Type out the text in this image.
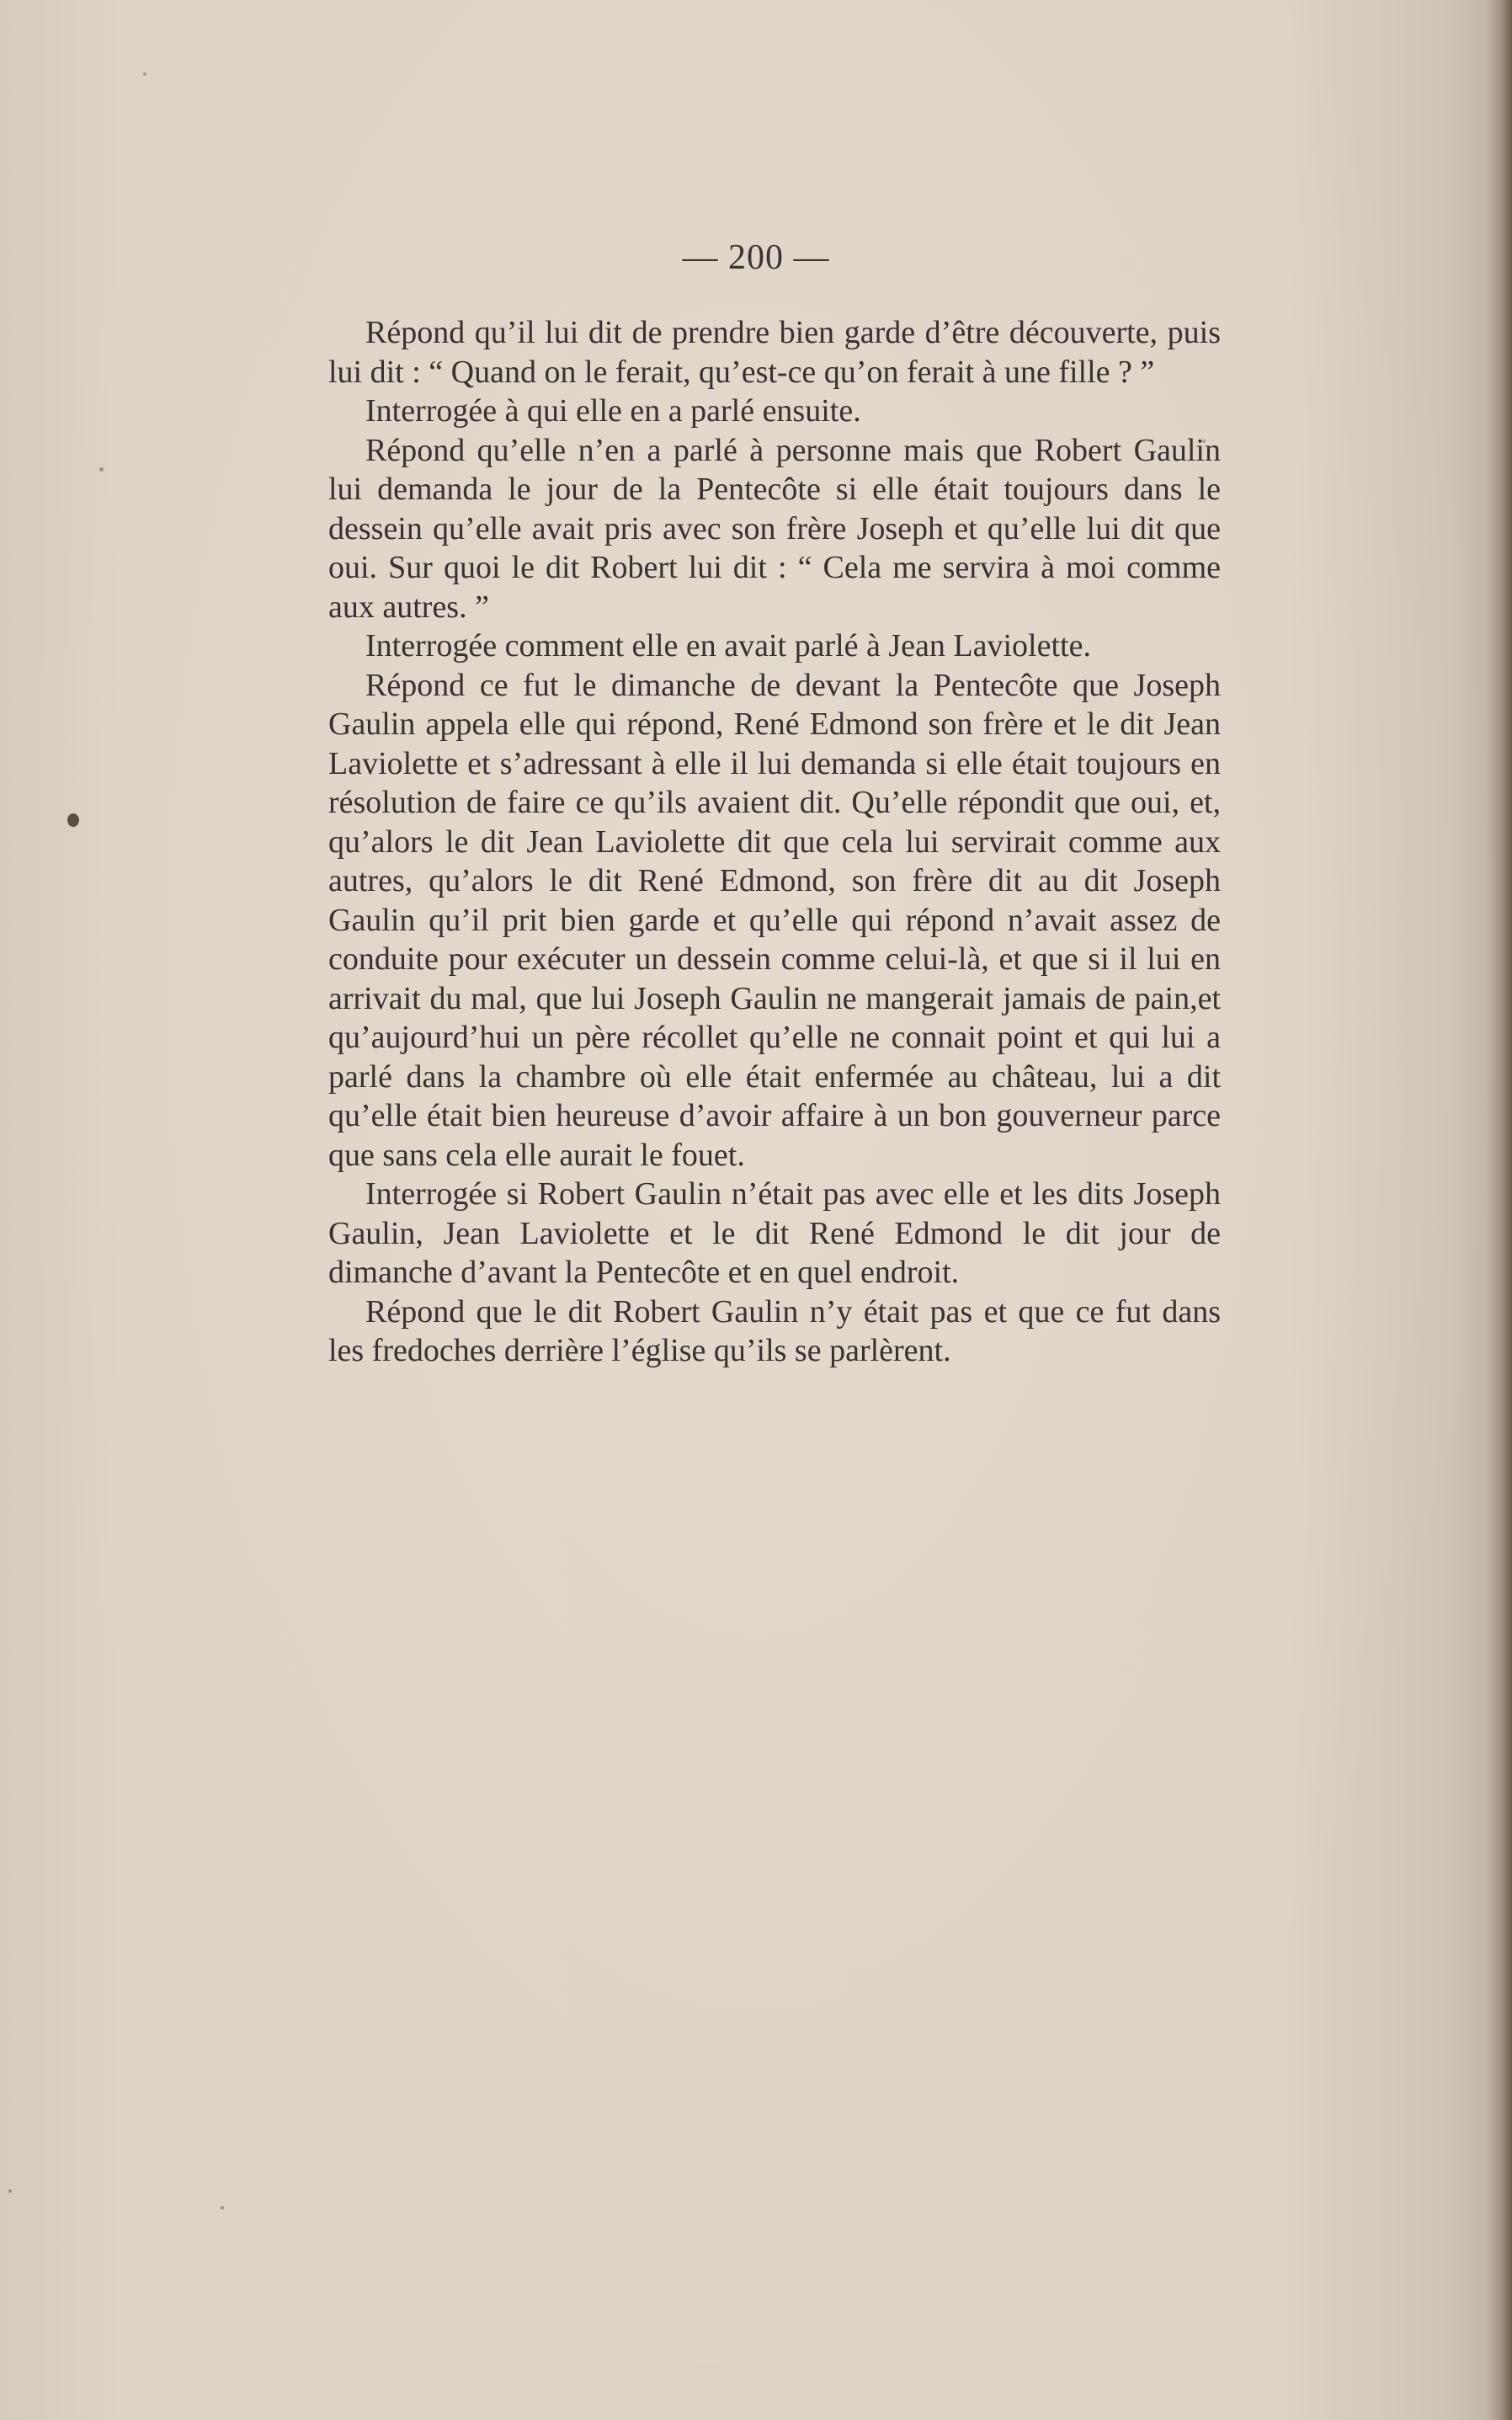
— 200 —

Répond qu’il lui dit de prendre bien garde d’être découverte, puis lui dit : “ Quand on le ferait, qu’est-ce qu’on ferait à une fille ? ”

Interrogée à qui elle en a parlé ensuite.

Répond qu’elle n’en a parlé à personne mais que Robert Gaulin lui demanda le jour de la Pentecôte si elle était toujours dans le dessein qu’elle avait pris avec son frère Joseph et qu’elle lui dit que oui. Sur quoi le dit Robert lui dit : “ Cela me servira à moi comme aux autres. ”

Interrogée comment elle en avait parlé à Jean Laviolette.

Répond ce fut le dimanche de devant la Pentecôte que Joseph Gaulin appela elle qui répond, René Edmond son frère et le dit Jean Laviolette et s’adressant à elle il lui demanda si elle était toujours en résolution de faire ce qu’ils avaient dit. Qu’elle répondit que oui, et, qu’alors le dit Jean Laviolette dit que cela lui servirait comme aux autres, qu’alors le dit René Edmond, son frère dit au dit Joseph Gaulin qu’il prit bien garde et qu’elle qui répond n’avait assez de conduite pour exécuter un dessein comme celui-là, et que si il lui en arrivait du mal, que lui Joseph Gaulin ne mangerait jamais de pain,et qu’aujourd’hui un père récollet qu’elle ne connait point et qui lui a parlé dans la chambre où elle était enfermée au château, lui a dit qu’elle était bien heureuse d’avoir affaire à un bon gouverneur parce que sans cela elle aurait le fouet.

Interrogée si Robert Gaulin n’était pas avec elle et les dits Joseph Gaulin, Jean Laviolette et le dit René Edmond le dit jour de dimanche d’avant la Pentecôte et en quel endroit.

Répond que le dit Robert Gaulin n’y était pas et que ce fut dans les fredoches derrière l’église qu’ils se parlèrent.
